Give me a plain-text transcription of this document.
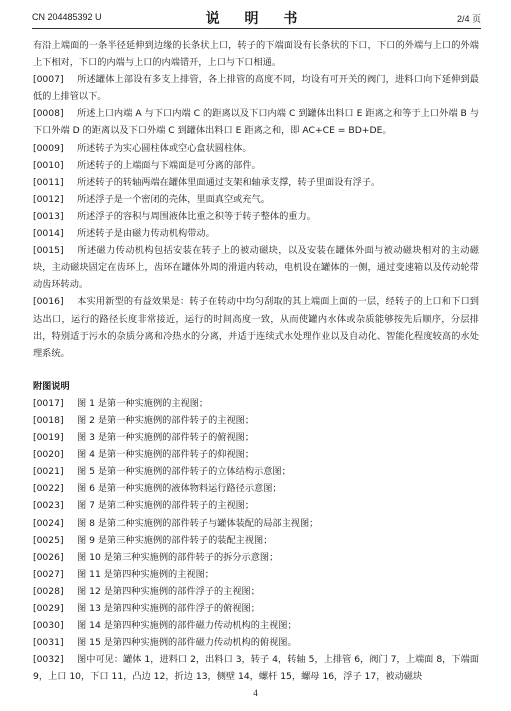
CN 204485392 U	说 明 书	2/4 页

有沿上端面的一条半径延伸到边缘的长条状上口，转子的下端面设有长条状的下口，下口的外端与上口的外端上下相对，下口的内端与上口的内端错开，上口与下口相通。

[0007] 所述罐体上部设有多支上排管，各上排管的高度不同，均设有可开关的阀门，进料口向下延伸到最低的上排管以下。

[0008] 所述上口内端 A 与下口内端 C 的距离以及下口内端 C 到罐体出料口 E 距离之和等于上口外端 B 与下口外端 D 的距离以及下口外端 C 到罐体出料口 E 距离之和，即 AC+CE = BD+DE。

[0009] 所述转子为实心圆柱体或空心盒状圆柱体。

[0010] 所述转子的上端面与下端面是可分离的部件。

[0011] 所述转子的转轴两端在罐体里面通过支架和轴承支撑，转子里面设有浮子。

[0012] 所述浮子是一个密闭的壳体，里面真空或充气。

[0013] 所述浮子的容积与周围液体比重之积等于转子整体的重力。

[0014] 所述转子是由磁力传动机构带动。

[0015] 所述磁力传动机构包括安装在转子上的被动磁块，以及安装在罐体外面与被动磁块相对的主动磁块，主动磁块固定在齿环上，齿环在罐体外周的滑道内转动，电机设在罐体的一侧，通过变速箱以及传动轮带动齿环转动。

[0016] 本实用新型的有益效果是：转子在转动中均匀刮取的其上端面上面的一层，经转子的上口和下口到达出口，运行的路径长度非常接近，运行的时间高度一致，从而使罐内水体或杂质能够按先后顺序，分层排出，特别适于污水的杂质分离和冷热水的分离，并适于连续式水处理作业以及自动化、智能化程度较高的水处理系统。

附图说明

[0017] 图 1 是第一种实施例的主视图；

[0018] 图 2 是第一种实施例的部件转子的主视图；

[0019] 图 3 是第一种实施例的部件转子的俯视图；

[0020] 图 4 是第一种实施例的部件转子的仰视图；

[0021] 图 5 是第一种实施例的部件转子的立体结构示意图；

[0022] 图 6 是第一种实施例的液体物料运行路径示意图；

[0023] 图 7 是第二种实施例的部件转子的主视图；

[0024] 图 8 是第二种实施例的部件转子与罐体装配的局部主视图；

[0025] 图 9 是第三种实施例的部件转子的装配主视图；

[0026] 图 10 是第三种实施例的部件转子的拆分示意图；

[0027] 图 11 是第四种实施例的主视图；

[0028] 图 12 是第四种实施例的部件浮子的主视图；

[0029] 图 13 是第四种实施例的部件浮子的俯视图；

[0030] 图 14 是第四种实施例的部件磁力传动机构的主视图；

[0031] 图 15 是第四种实施例的部件磁力传动机构的俯视图。

[0032] 图中可见：罐体 1，进料口 2，出料口 3，转子 4，转轴 5，上排管 6，阀门 7，上端面 8，下端面 9，上口 10，下口 11，凸边 12，折边 13，侧壁 14，螺杆 15，螺母 16，浮子 17，被动磁块

4
